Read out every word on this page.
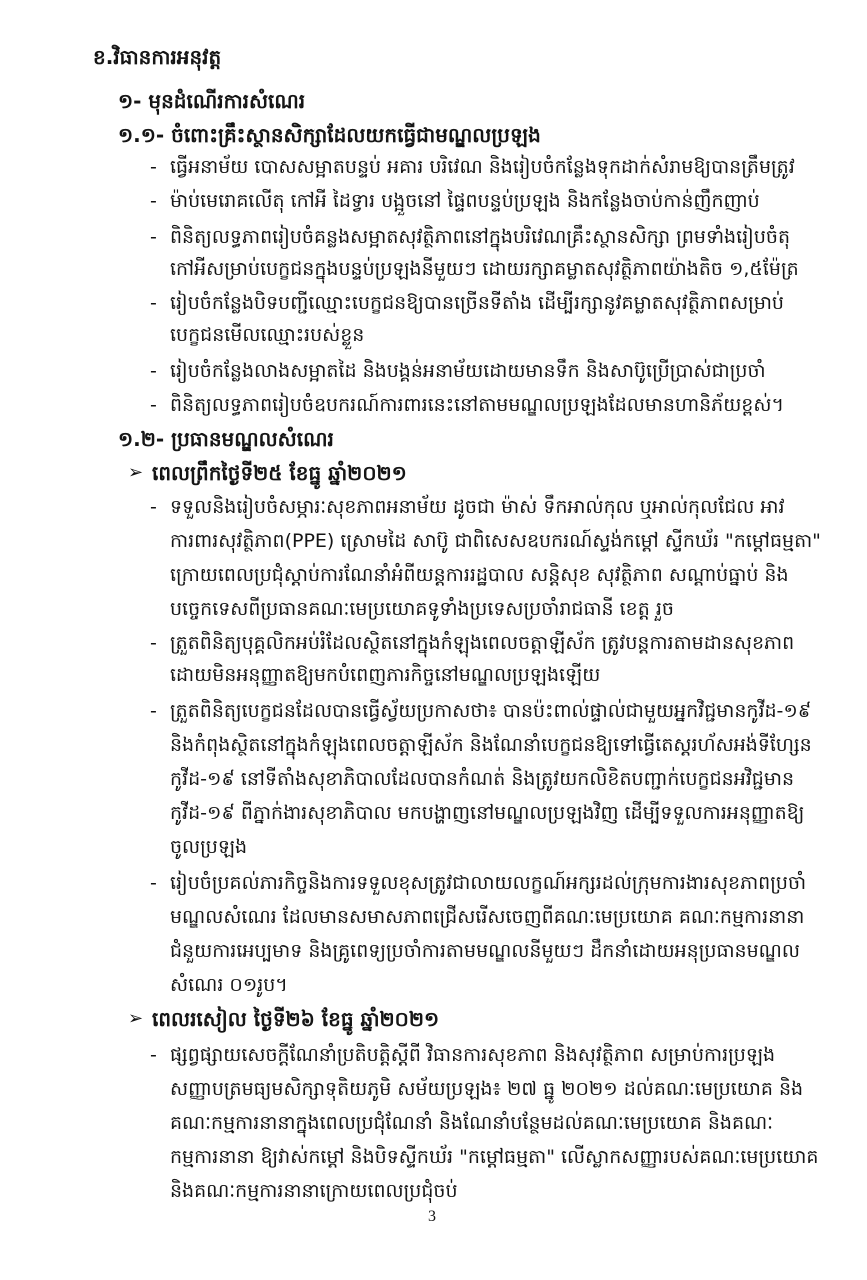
ខ.វិធានការអនុវត្ត
១- មុនដំណើរការសំណេរ
១.១- ចំពោះគ្រឹះស្ថានសិក្សាដែលយកធ្វើជាមណ្ឌលប្រឡង
- ធ្វើអនាម័យ បោសសម្អាតបន្ទប់ អគារ បរិវេណ និងរៀបចំកន្លែងទុកដាក់សំរាមឱ្យបានត្រឹមត្រូវ
- ម៉ាប់មេរោគលើតុ កៅអី ដៃទ្វារ បង្អួចនៅ ផ្ទៃពបន្ទប់ប្រឡង និងកន្លែងចាប់កាន់ញឹកញាប់
- ពិនិត្យលទ្ធភាពរៀបចំគន្លងសម្អាតសុវត្ថិភាពនៅក្នុងបរិវេណគ្រឹះស្ថានសិក្សា ព្រមទាំងរៀបចំតុ
កៅអីសម្រាប់បេក្ខជនក្នុងបន្ទប់ប្រឡងនីមួយៗ ដោយរក្សាគម្លាតសុវត្ថិភាពយ៉ាងតិច ១,៥ម៉ែត្រ
- រៀបចំកន្លែងបិទបញ្ជីឈ្មោះបេក្ខជនឱ្យបានច្រើនទីតាំង ដើម្បីរក្សានូវគម្លាតសុវត្ថិភាពសម្រាប់
បេក្ខជនមើលឈ្មោះរបស់ខ្លួន
- រៀបចំកន្លែងលាងសម្អាតដៃ និងបង្គន់អនាម័យដោយមានទឹក និងសាប៊ូប្រើប្រាស់ជាប្រចាំ
- ពិនិត្យលទ្ធភាពរៀបចំឧបករណ៍ការពារនេះនៅតាមមណ្ឌលប្រឡងដែលមានហានិភ័យខ្ពស់។
១.២- ប្រធានមណ្ឌលសំណេរ
➢ ពេលព្រឹកថ្ងៃទី២៥ ខែធ្នូ ឆ្នាំ២០២១
- ទទួលនិងរៀបចំសម្ភារៈសុខភាពអនាម័យ ដូចជា ម៉ាស់ ទឹកអាល់កុល ឬអាល់កុលជែល អាវ
ការពារសុវត្ថិភាព(PPE) ស្រោមដៃ សាប៊ូ ជាពិសេសឧបករណ៍ស្ទង់កម្តៅ ស្ទីកឃ័រ "កម្តៅធម្មតា"
ក្រោយពេលប្រជុំស្តាប់ការណែនាំអំពីយន្តការរដ្ឋបាល សន្តិសុខ សុវត្ថិភាព សណ្តាប់ធ្នាប់ និង
បច្ចេកទេសពីប្រធានគណៈមេប្រយោគទូទាំងប្រទេសប្រចាំរាជធានី ខេត្ត រួច
- ត្រួតពិនិត្យបុគ្គលិកអប់រំដែលស្ថិតនៅក្នុងកំឡុងពេលចត្តាឡីស័ក ត្រូវបន្តការតាមដានសុខភាព
ដោយមិនអនុញ្ញាតឱ្យមកបំពេញភារកិច្ចនៅមណ្ឌលប្រឡងឡើយ
- ត្រួតពិនិត្យបេក្ខជនដែលបានធ្វើស្វ័យប្រកាសថា៖ បានប៉ះពាល់ផ្ទាល់ជាមួយអ្នកវិជ្ជមានកូវីដ-១៩
និងកំពុងស្ថិតនៅក្នុងកំឡុងពេលចត្តាឡីស័ក និងណែនាំបេក្ខជនឱ្យទៅធ្វើតេស្តរហ័សអង់ទីហ្សែន
កូវីដ-១៩ នៅទីតាំងសុខាភិបាលដែលបានកំណត់ និងត្រូវយកលិខិតបញ្ជាក់បេក្ខជនអវិជ្ជមាន
កូវីដ-១៩ ពីភ្នាក់ងារសុខាភិបាល មកបង្ហាញនៅមណ្ឌលប្រឡងវិញ ដើម្បីទទួលការអនុញ្ញាតឱ្យ
ចូលប្រឡង
- រៀបចំប្រគល់ភារកិច្ចនិងការទទួលខុសត្រូវជាលាយលក្ខណ៍អក្សរដល់ក្រុមការងារសុខភាពប្រចាំ
មណ្ឌលសំណេរ ដែលមានសមាសភាពជ្រើសរើសចេញពីគណៈមេប្រយោគ គណៈកម្មការនានា
ជំនួយការអេប្បមាទ និងគ្រូពេទ្យប្រចាំការតាមមណ្ឌលនីមួយៗ ដឹកនាំដោយអនុប្រធានមណ្ឌល
សំណេរ ០១រូប។
➢ ពេលរសៀល ថ្ងៃទី២៦ ខែធ្នូ ឆ្នាំ២០២១
- ផ្សព្វផ្សាយសេចក្តីណែនាំប្រតិបត្តិស្តីពី វិធានការសុខភាព និងសុវត្ថិភាព សម្រាប់ការប្រឡង
សញ្ញាបត្រមធ្យមសិក្សាទុតិយភូមិ សម័យប្រឡង៖ ២៧ ធ្នូ ២០២១ ដល់គណៈមេប្រយោគ និង
គណៈកម្មការនានាក្នុងពេលប្រជុំណែនាំ និងណែនាំបន្ថែមដល់គណៈមេប្រយោគ និងគណៈ
កម្មការនានា ឱ្យវាស់កម្តៅ និងបិទស្ទីកឃ័រ "កម្តៅធម្មតា" លើស្លាកសញ្ញារបស់គណៈមេប្រយោគ
និងគណៈកម្មការនានាក្រោយពេលប្រជុំចប់
3
